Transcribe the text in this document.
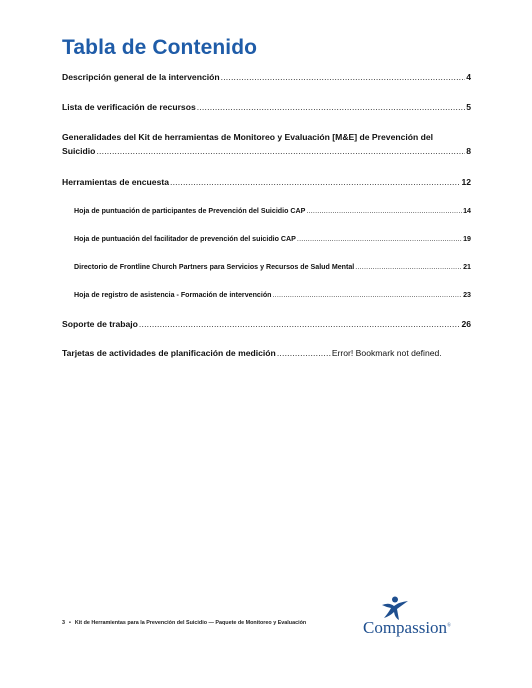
Tabla de Contenido
Descripción general de la intervención .....	4
Lista de verificación de recursos .....	5
Generalidades del Kit de herramientas de Monitoreo y Evaluación [M&E] de Prevención del
Suicidio .....	8
Herramientas de encuesta .....	12
Hoja de puntuación de participantes de Prevención del Suicidio CAP .....	14
Hoja de puntuación del facilitador de prevención del suicidio CAP .....	19
Directorio de Frontline Church Partners para Servicios y Recursos de Salud Mental .....	21
Hoja de registro de asistencia - Formación de intervención .....	23
Soporte de trabajo .....	26
Tarjetas de actividades de planificación de medición .....	Error! Bookmark not defined.
3 • Kit de Herramientas para la Prevención del Suicidio — Paquete de Monitoreo y Evaluación	Compassion®
